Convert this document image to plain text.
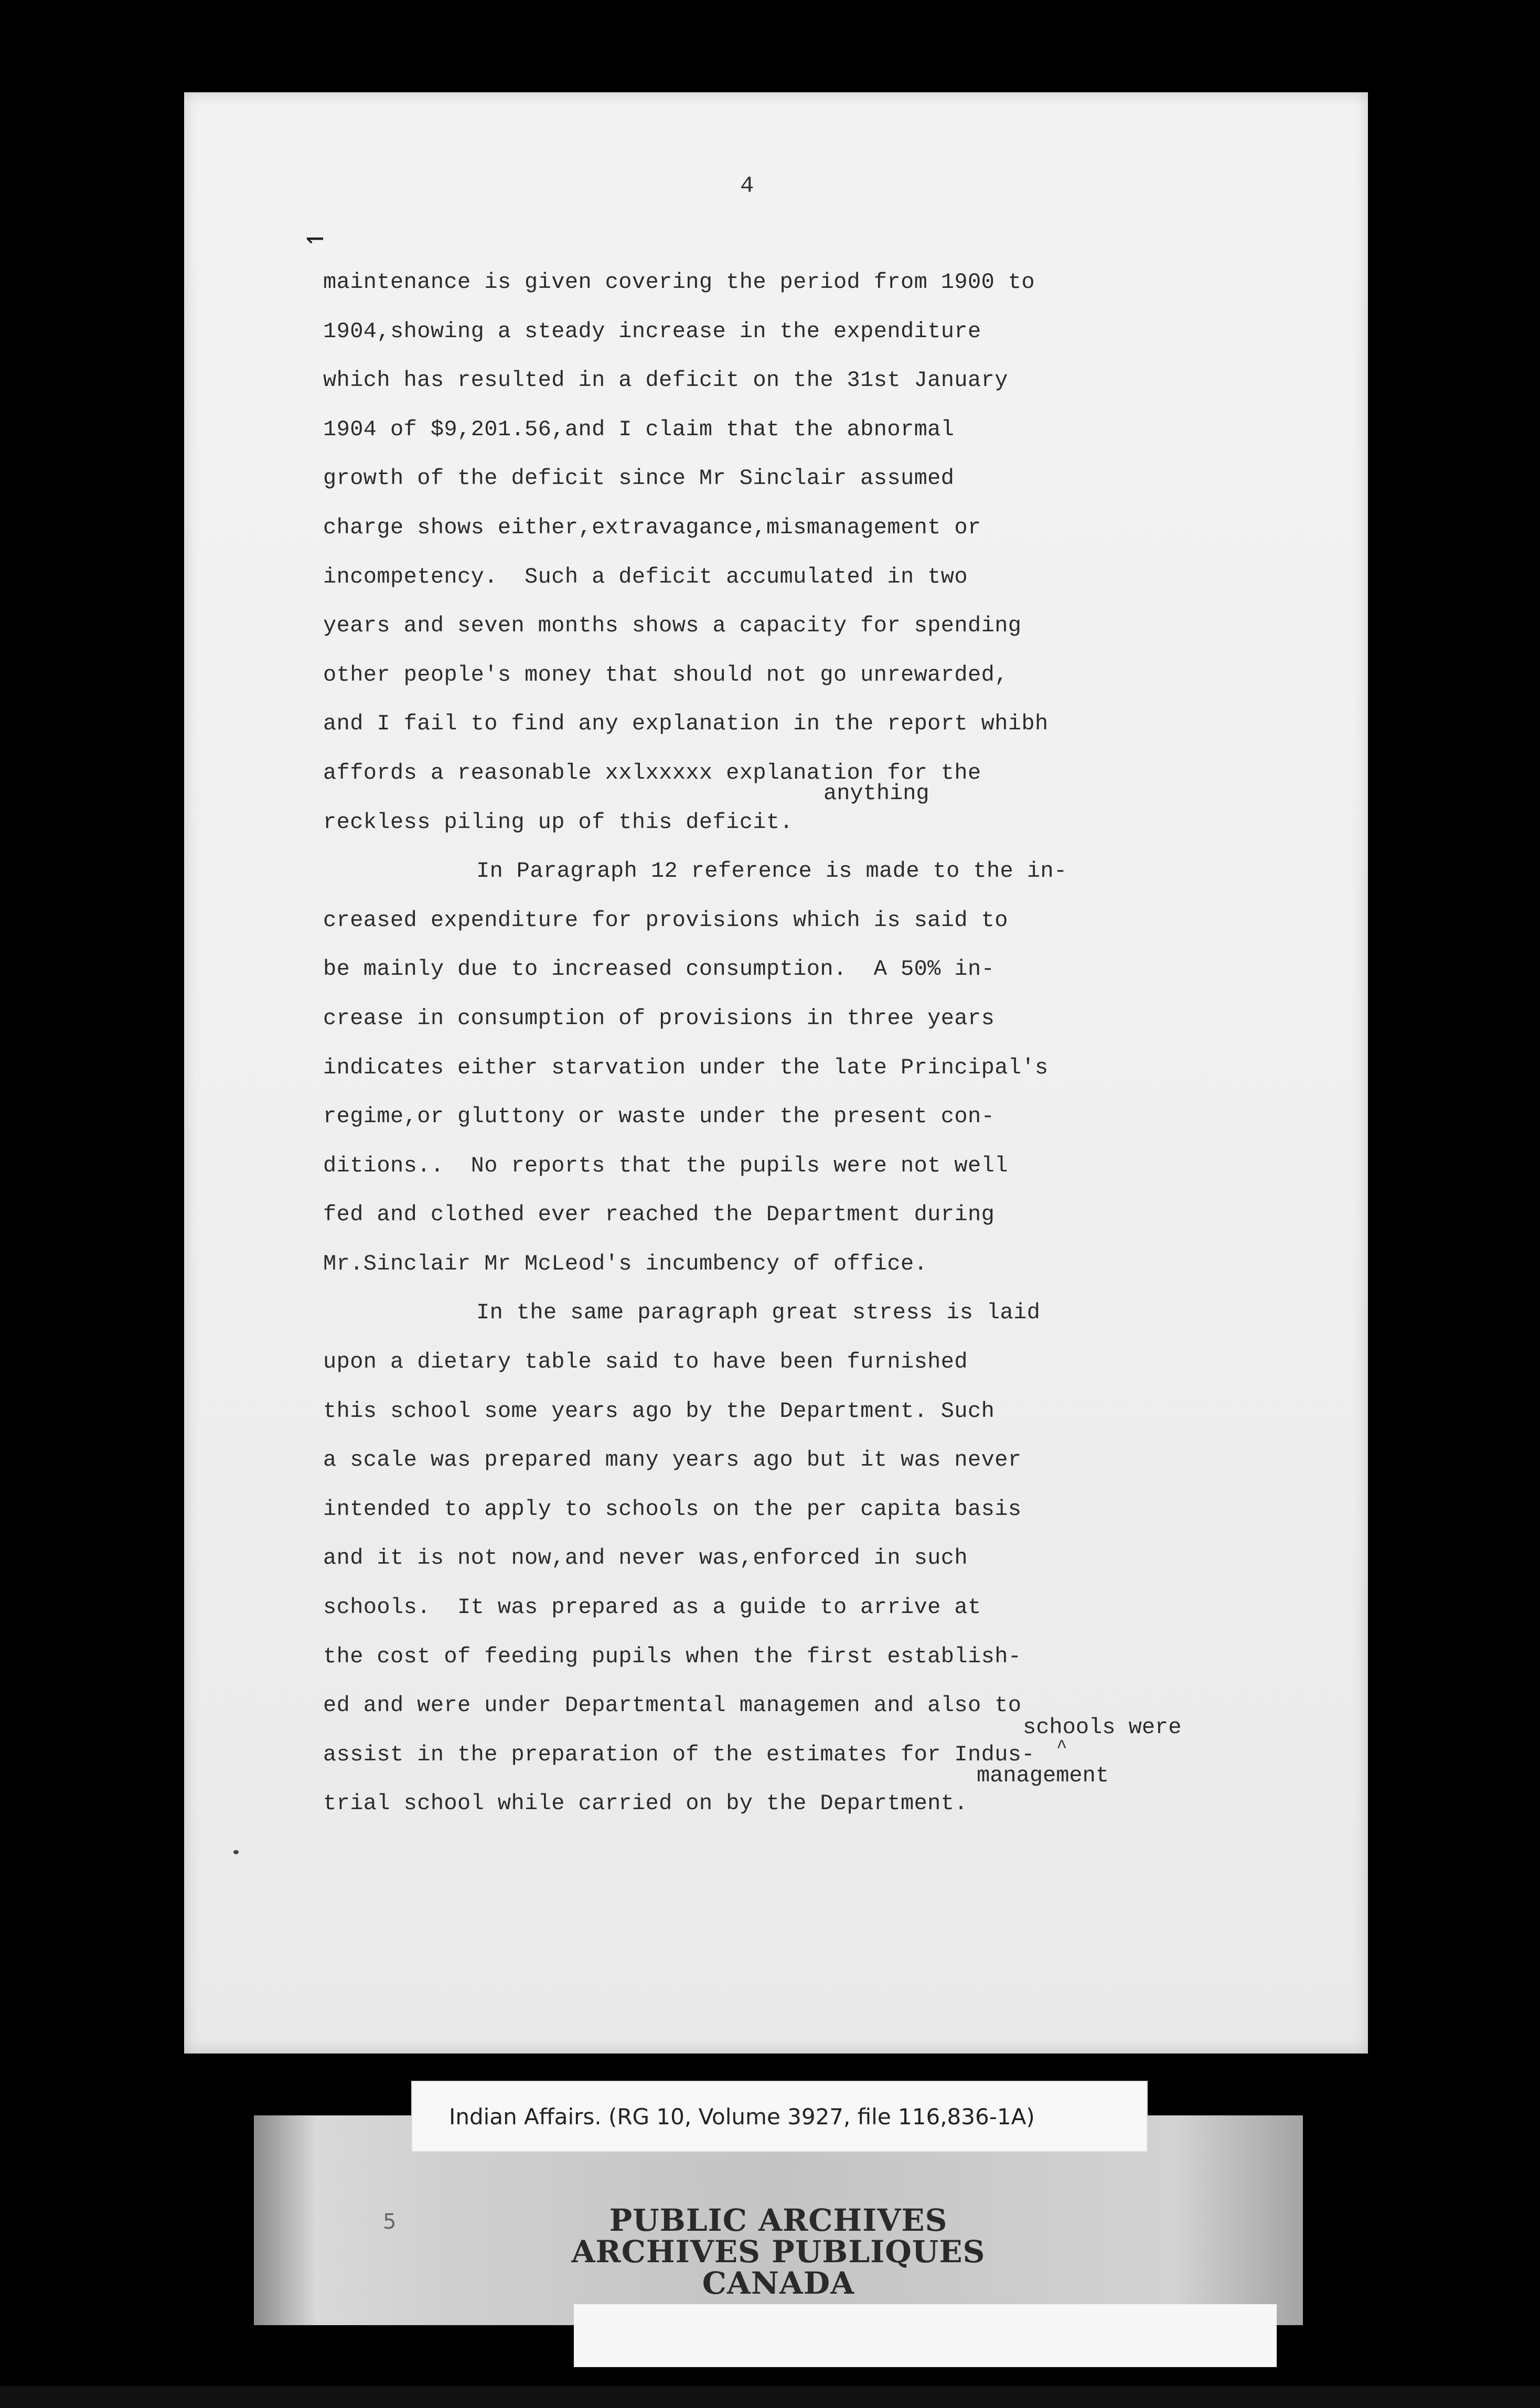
4
↽
maintenance is given covering the period from 1900 to
1904,showing a steady increase in the expenditure
which has resulted in a deficit on the 31st January
1904 of $9,201.56,and I claim that the abnormal
growth of the deficit since Mr Sinclair assumed
charge shows either,extravagance,mismanagement or
incompetency.  Such a deficit accumulated in two
years and seven months shows a capacity for spending
other people's money that should not go unrewarded,
and I fail to find any explanation in the report whibh
affords a reasonable xxlxxxxx explanation for the
reckless piling up of this deficit.
In Paragraph 12 reference is made to the in-
creased expenditure for provisions which is said to
be mainly due to increased consumption.  A 50% in-
crease in consumption of provisions in three years
indicates either starvation under the late Principal's
regime,or gluttony or waste under the present con-
ditions..  No reports that the pupils were not well
fed and clothed ever reached the Department during
Mr.Sinclair Mr McLeod's incumbency of office.
In the same paragraph great stress is laid
upon a dietary table said to have been furnished
this school some years ago by the Department. Such
a scale was prepared many years ago but it was never
intended to apply to schools on the per capita basis
and it is not now,and never was,enforced in such
schools.  It was prepared as a guide to arrive at
the cost of feeding pupils when the first establish-
ed and were under Departmental managemen and also to
assist in the preparation of the estimates for Indus-
trial school while carried on by the Department.
anything
schools were
^
management
Indian Affairs. (RG 10, Volume 3927, file 116,836-1A)
5	PUBLIC ARCHIVES
ARCHIVES PUBLIQUES
CANADA
